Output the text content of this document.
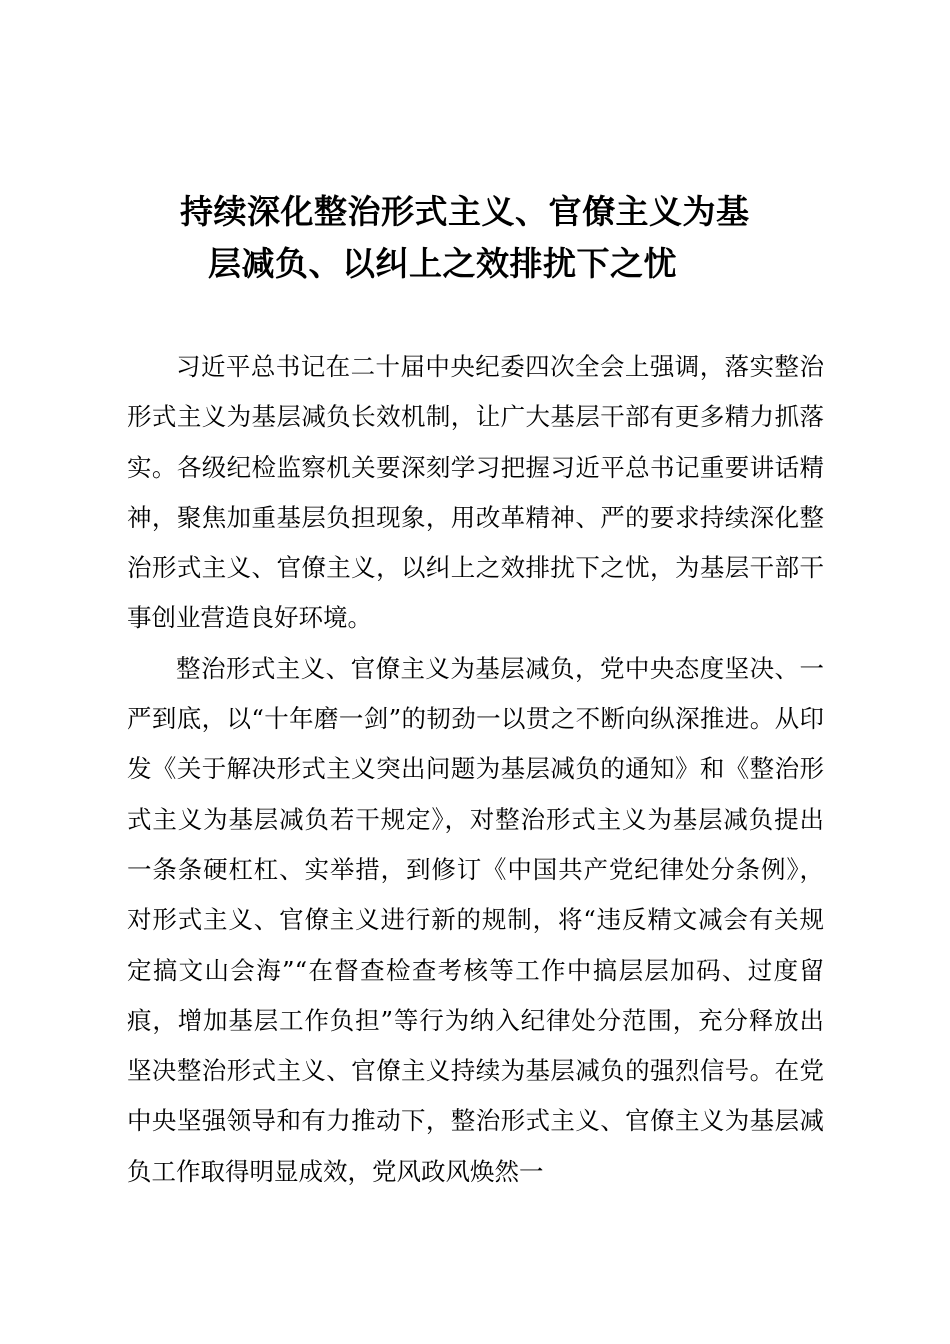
持续深化整治形式主义、官僚主义为基
层减负、以纠上之效排扰下之忧

习近平总书记在二十届中央纪委四次全会上强调，落实整治形式主义为基层减负长效机制，让广大基层干部有更多精力抓落实。各级纪检监察机关要深刻学习把握习近平总书记重要讲话精神，聚焦加重基层负担现象，用改革精神、严的要求持续深化整治形式主义、官僚主义，以纠上之效排扰下之忧，为基层干部干事创业营造良好环境。

整治形式主义、官僚主义为基层减负，党中央态度坚决、一严到底，以“十年磨一剑”的韧劲一以贯之不断向纵深推进。从印发《关于解决形式主义突出问题为基层减负的通知》和《整治形式主义为基层减负若干规定》，对整治形式主义为基层减负提出一条条硬杠杠、实举措，到修订《中国共产党纪律处分条例》，对形式主义、官僚主义进行新的规制，将“违反精文减会有关规定搞文山会海”“在督查检查考核等工作中搞层层加码、过度留痕，增加基层工作负担”等行为纳入纪律处分范围，充分释放出坚决整治形式主义、官僚主义持续为基层减负的强烈信号。在党中央坚强领导和有力推动下，整治形式主义、官僚主义为基层减负工作取得明显成效，党风政风焕然一
